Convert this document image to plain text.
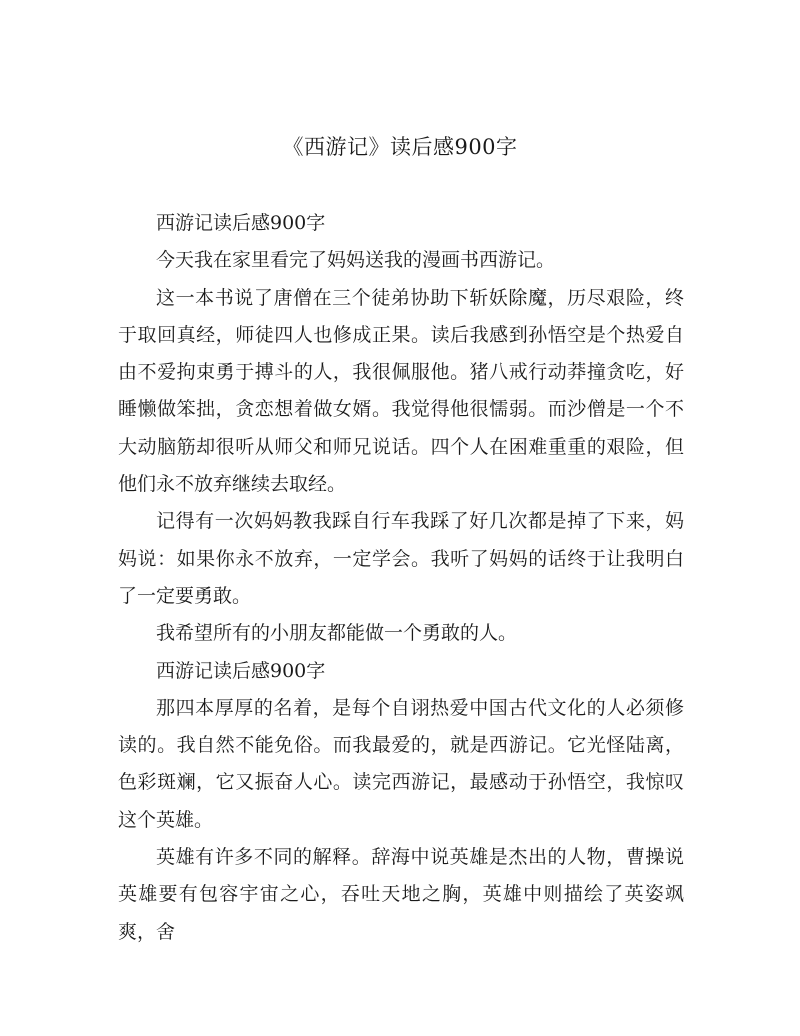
《西游记》读后感900字

西游记读后感900字

今天我在家里看完了妈妈送我的漫画书西游记。

这一本书说了唐僧在三个徒弟协助下斩妖除魔，历尽艰险，终于取回真经，师徒四人也修成正果。读后我感到孙悟空是个热爱自由不爱拘束勇于搏斗的人，我很佩服他。猪八戒行动莽撞贪吃，好睡懒做笨拙，贪恋想着做女婿。我觉得他很懦弱。而沙僧是一个不大动脑筋却很听从师父和师兄说话。四个人在困难重重的艰险，但他们永不放弃继续去取经。

记得有一次妈妈教我踩自行车我踩了好几次都是掉了下来，妈妈说：如果你永不放弃，一定学会。我听了妈妈的话终于让我明白了一定要勇敢。

我希望所有的小朋友都能做一个勇敢的人。

西游记读后感900字

那四本厚厚的名着，是每个自诩热爱中国古代文化的人必须修读的。我自然不能免俗。而我最爱的，就是西游记。它光怪陆离，色彩斑斓，它又振奋人心。读完西游记，最感动于孙悟空，我惊叹这个英雄。

英雄有许多不同的解释。辞海中说英雄是杰出的人物，曹操说英雄要有包容宇宙之心，吞吐天地之胸，英雄中则描绘了英姿飒爽，舍
